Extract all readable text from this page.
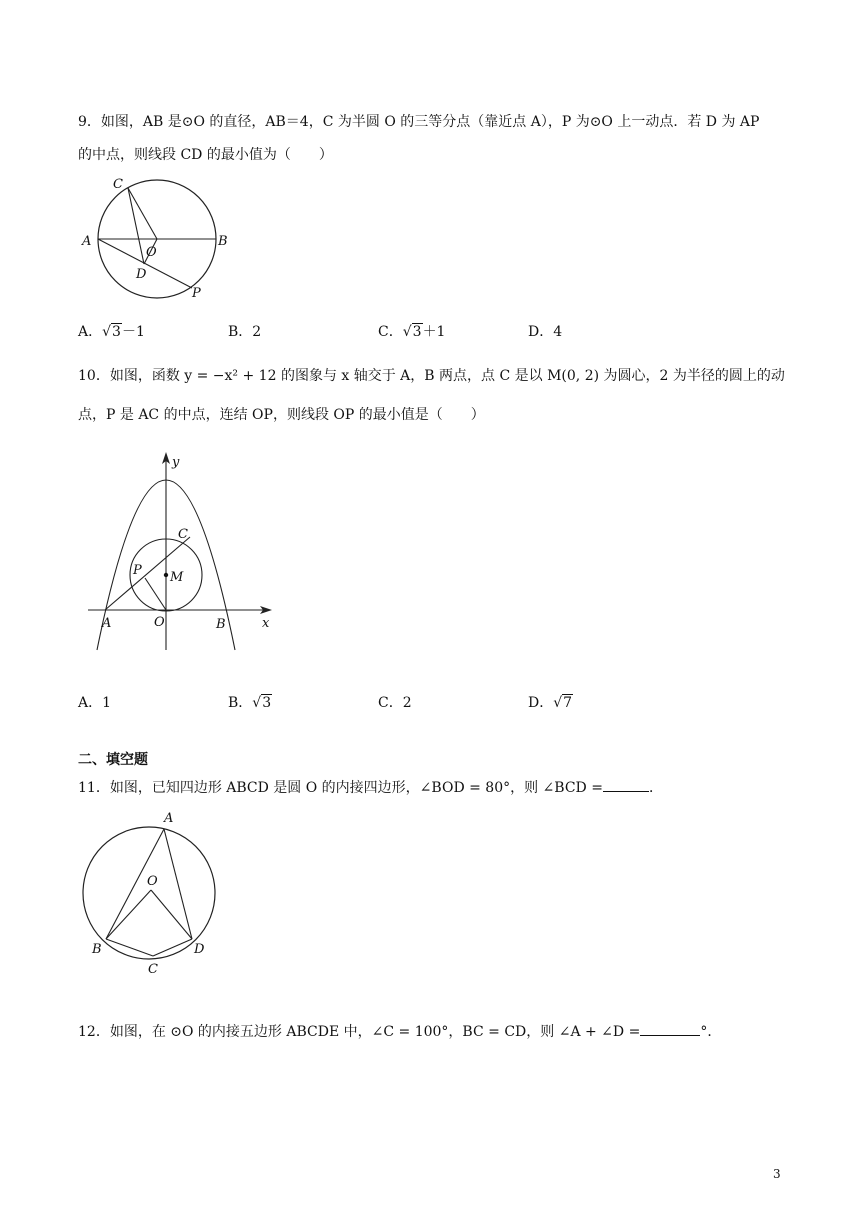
9．如图，AB 是⊙O 的直径，AB＝4，C 为半圆 O 的三等分点（靠近点 A），P 为⊙O 上一动点．若 D 为 AP
的中点，则线段 CD 的最小值为（　　）
C
A
O
B
D
P
A．√3－1	B．2	C．√3＋1	D．4
10．如图，函数 y = −x² + 12 的图象与 x 轴交于 A，B 两点，点 C 是以 M(0, 2) 为圆心，2 为半径的圆上的动
点，P 是 AC 的中点，连结 OP，则线段 OP 的最小值是（　　）
y
C
P M
A	O	B	x
A．1	B．√3	C．2	D．√7
二、填空题
11．如图，已知四边形 ABCD 是圆 O 的内接四边形，∠BOD = 80°，则 ∠BCD =	．
A
O
B	D
C
12．如图，在 ⊙O 的内接五边形 ABCDE 中，∠C = 100°，BC = CD，则 ∠A + ∠D =	°．
3
